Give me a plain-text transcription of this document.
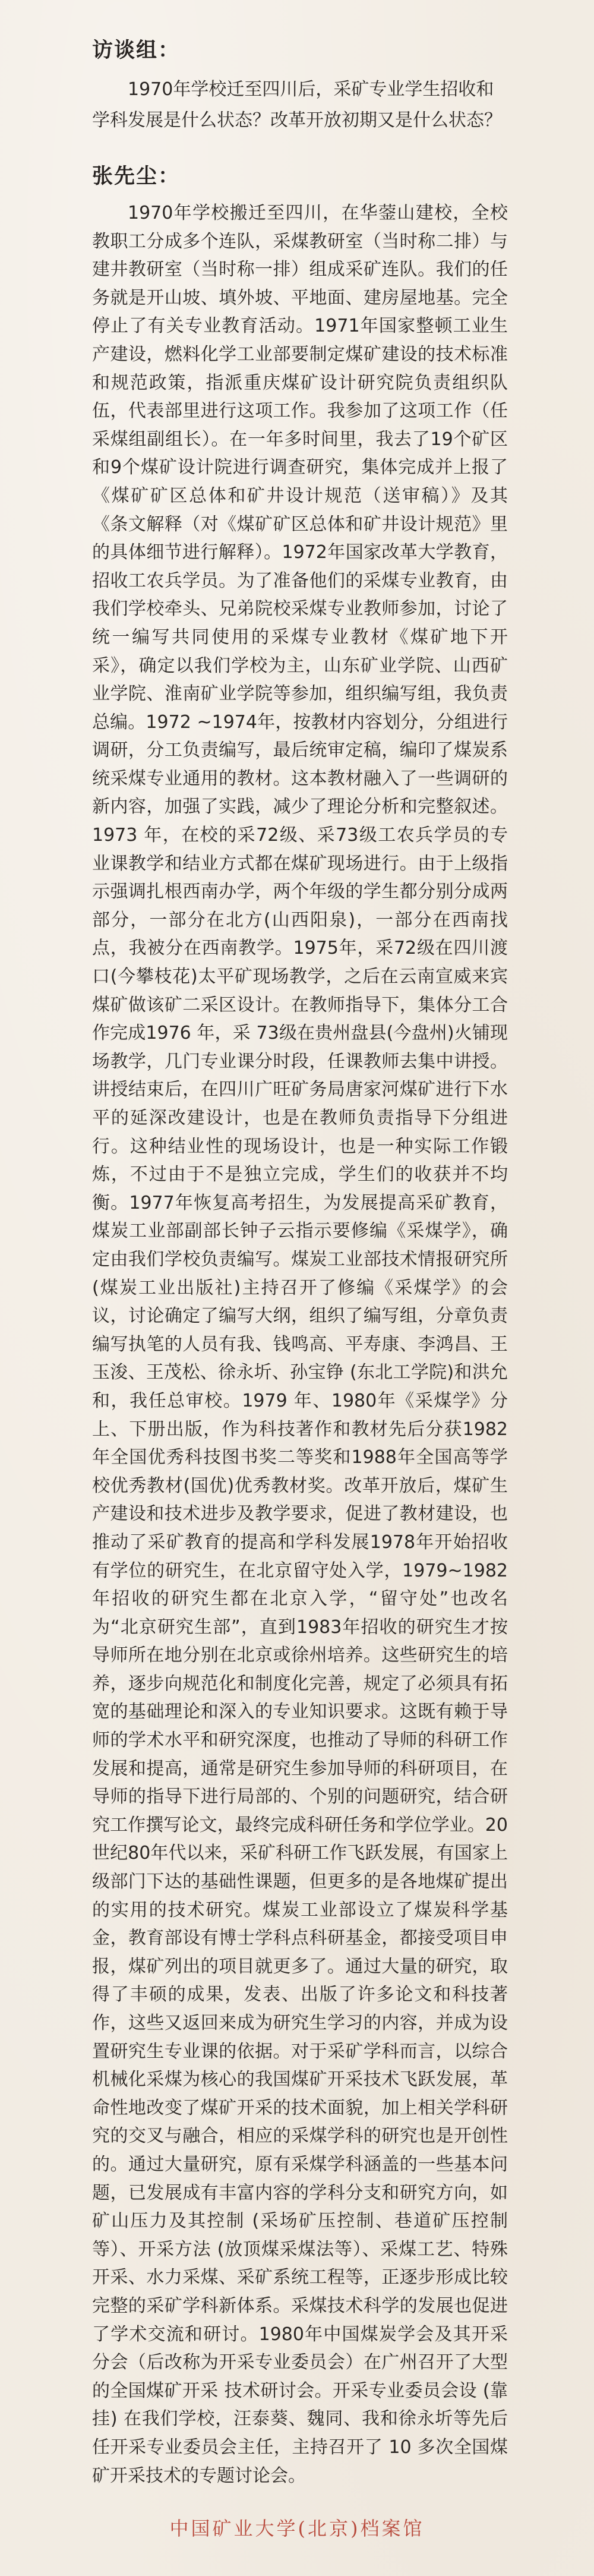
访谈组：

1970年学校迁至四川后，采矿专业学生招收和学科发展是什么状态？改革开放初期又是什么状态？

张先尘：

1970年学校搬迁至四川，在华蓥山建校，全校教职工分成多个连队，采煤教研室（当时称二排）与建井教研室（当时称一排）组成采矿连队。我们的任务就是开山坡、填外坡、平地面、建房屋地基。完全停止了有关专业教育活动。1971年国家整顿工业生产建设，燃料化学工业部要制定煤矿建设的技术标准和规范政策，指派重庆煤矿设计研究院负责组织队伍，代表部里进行这项工作。我参加了这项工作（任采煤组副组长）。在一年多时间里，我去了19个矿区和9个煤矿设计院进行调查研究，集体完成并上报了《煤矿矿区总体和矿井设计规范（送审稿）》及其《条文解释（对《煤矿矿区总体和矿井设计规范》里的具体细节进行解释）。1972年国家改革大学教育，招收工农兵学员。为了准备他们的采煤专业教育，由我们学校牵头、兄弟院校采煤专业教师参加，讨论了统一编写共同使用的采煤专业教材《煤矿地下开采》，确定以我们学校为主，山东矿业学院、山西矿业学院、淮南矿业学院等参加，组织编写组，我负责总编。1972 ~1974年，按教材内容划分，分组进行调研，分工负责编写，最后统审定稿，编印了煤炭系统采煤专业通用的教材。这本教材融入了一些调研的新内容，加强了实践，减少了理论分析和完整叙述。1973 年，在校的采72级、采73级工农兵学员的专业课教学和结业方式都在煤矿现场进行。由于上级指示强调扎根西南办学，两个年级的学生都分别分成两部分，一部分在北方(山西阳泉)，一部分在西南找点，我被分在西南教学。1975年，采72级在四川渡口(今攀枝花)太平矿现场教学，之后在云南宣威来宾煤矿做该矿二采区设计。在教师指导下，集体分工合作完成1976 年，采 73级在贵州盘县(今盘州)火铺现场教学，几门专业课分时段，任课教师去集中讲授。讲授结束后，在四川广旺矿务局唐家河煤矿进行下水平的延深改建设计，也是在教师负责指导下分组进行。这种结业性的现场设计，也是一种实际工作锻炼，不过由于不是独立完成，学生们的收获并不均衡。1977年恢复高考招生，为发展提高采矿教育，煤炭工业部副部长钟子云指示要修编《采煤学》，确定由我们学校负责编写。煤炭工业部技术情报研究所(煤炭工业出版社)主持召开了修编《采煤学》的会议，讨论确定了编写大纲，组织了编写组，分章负责编写执笔的人员有我、钱鸣高、平寿康、李鸿昌、王玉浚、王茂松、徐永圻、孙宝铮 (东北工学院)和洪允和，我任总审校。1979 年、1980年《采煤学》分上、下册出版，作为科技著作和教材先后分获1982年全国优秀科技图书奖二等奖和1988年全国高等学校优秀教材(国优)优秀教材奖。改革开放后，煤矿生产建设和技术进步及教学要求，促进了教材建设，也推动了采矿教育的提高和学科发展1978年开始招收有学位的研究生，在北京留守处入学，1979~1982年招收的研究生都在北京入学，“留守处”也改名为“北京研究生部”，直到1983年招收的研究生才按导师所在地分别在北京或徐州培养。这些研究生的培养，逐步向规范化和制度化完善，规定了必须具有拓宽的基础理论和深入的专业知识要求。这既有赖于导师的学术水平和研究深度，也推动了导师的科研工作发展和提高，通常是研究生参加导师的科研项目，在导师的指导下进行局部的、个别的问题研究，结合研究工作撰写论文，最终完成科研任务和学位学业。20世纪80年代以来，采矿科研工作飞跃发展，有国家上级部门下达的基础性课题，但更多的是各地煤矿提出的实用的技术研究。煤炭工业部设立了煤炭科学基金，教育部设有博士学科点科研基金，都接受项目申报，煤矿列出的项目就更多了。通过大量的研究，取得了丰硕的成果，发表、出版了许多论文和科技著作，这些又返回来成为研究生学习的内容，并成为设置研究生专业课的依据。对于采矿学科而言，以综合机械化采煤为核心的我国煤矿开采技术飞跃发展，革命性地改变了煤矿开采的技术面貌，加上相关学科研究的交叉与融合，相应的采煤学科的研究也是开创性的。通过大量研究，原有采煤学科涵盖的一些基本问题，已发展成有丰富内容的学科分支和研究方向，如矿山压力及其控制 (采场矿压控制、巷道矿压控制等）、开采方法 (放顶煤采煤法等）、采煤工艺、特殊开采、水力采煤、采矿系统工程等，正逐步形成比较完整的采矿学科新体系。采煤技术科学的发展也促进了学术交流和研讨。1980年中国煤炭学会及其开采分会（后改称为开采专业委员会）在广州召开了大型的全国煤矿开采 技术研讨会。开采专业委员会设 (靠挂) 在我们学校，汪泰葵、魏同、我和徐永圻等先后任开采专业委员会主任，主持召开了 10 多次全国煤矿开采技术的专题讨论会。

中国矿业大学(北京)档案馆
